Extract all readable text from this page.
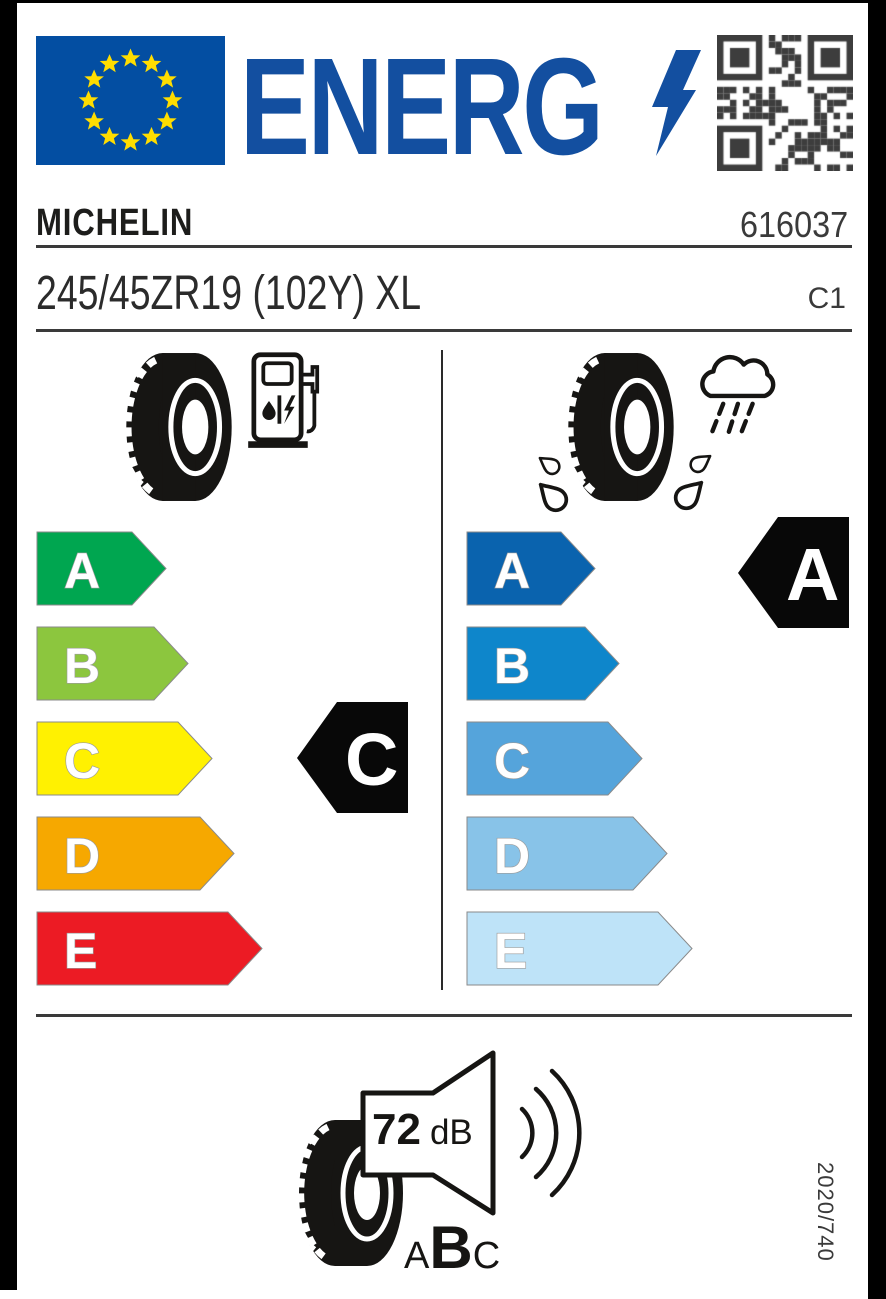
ENERG
MICHELIN	616037
245/45ZR19 (102Y) XL	C1
A
B
C
D
E
C
A
B
C
D
E
A
72 dB
A B C	2020/740
